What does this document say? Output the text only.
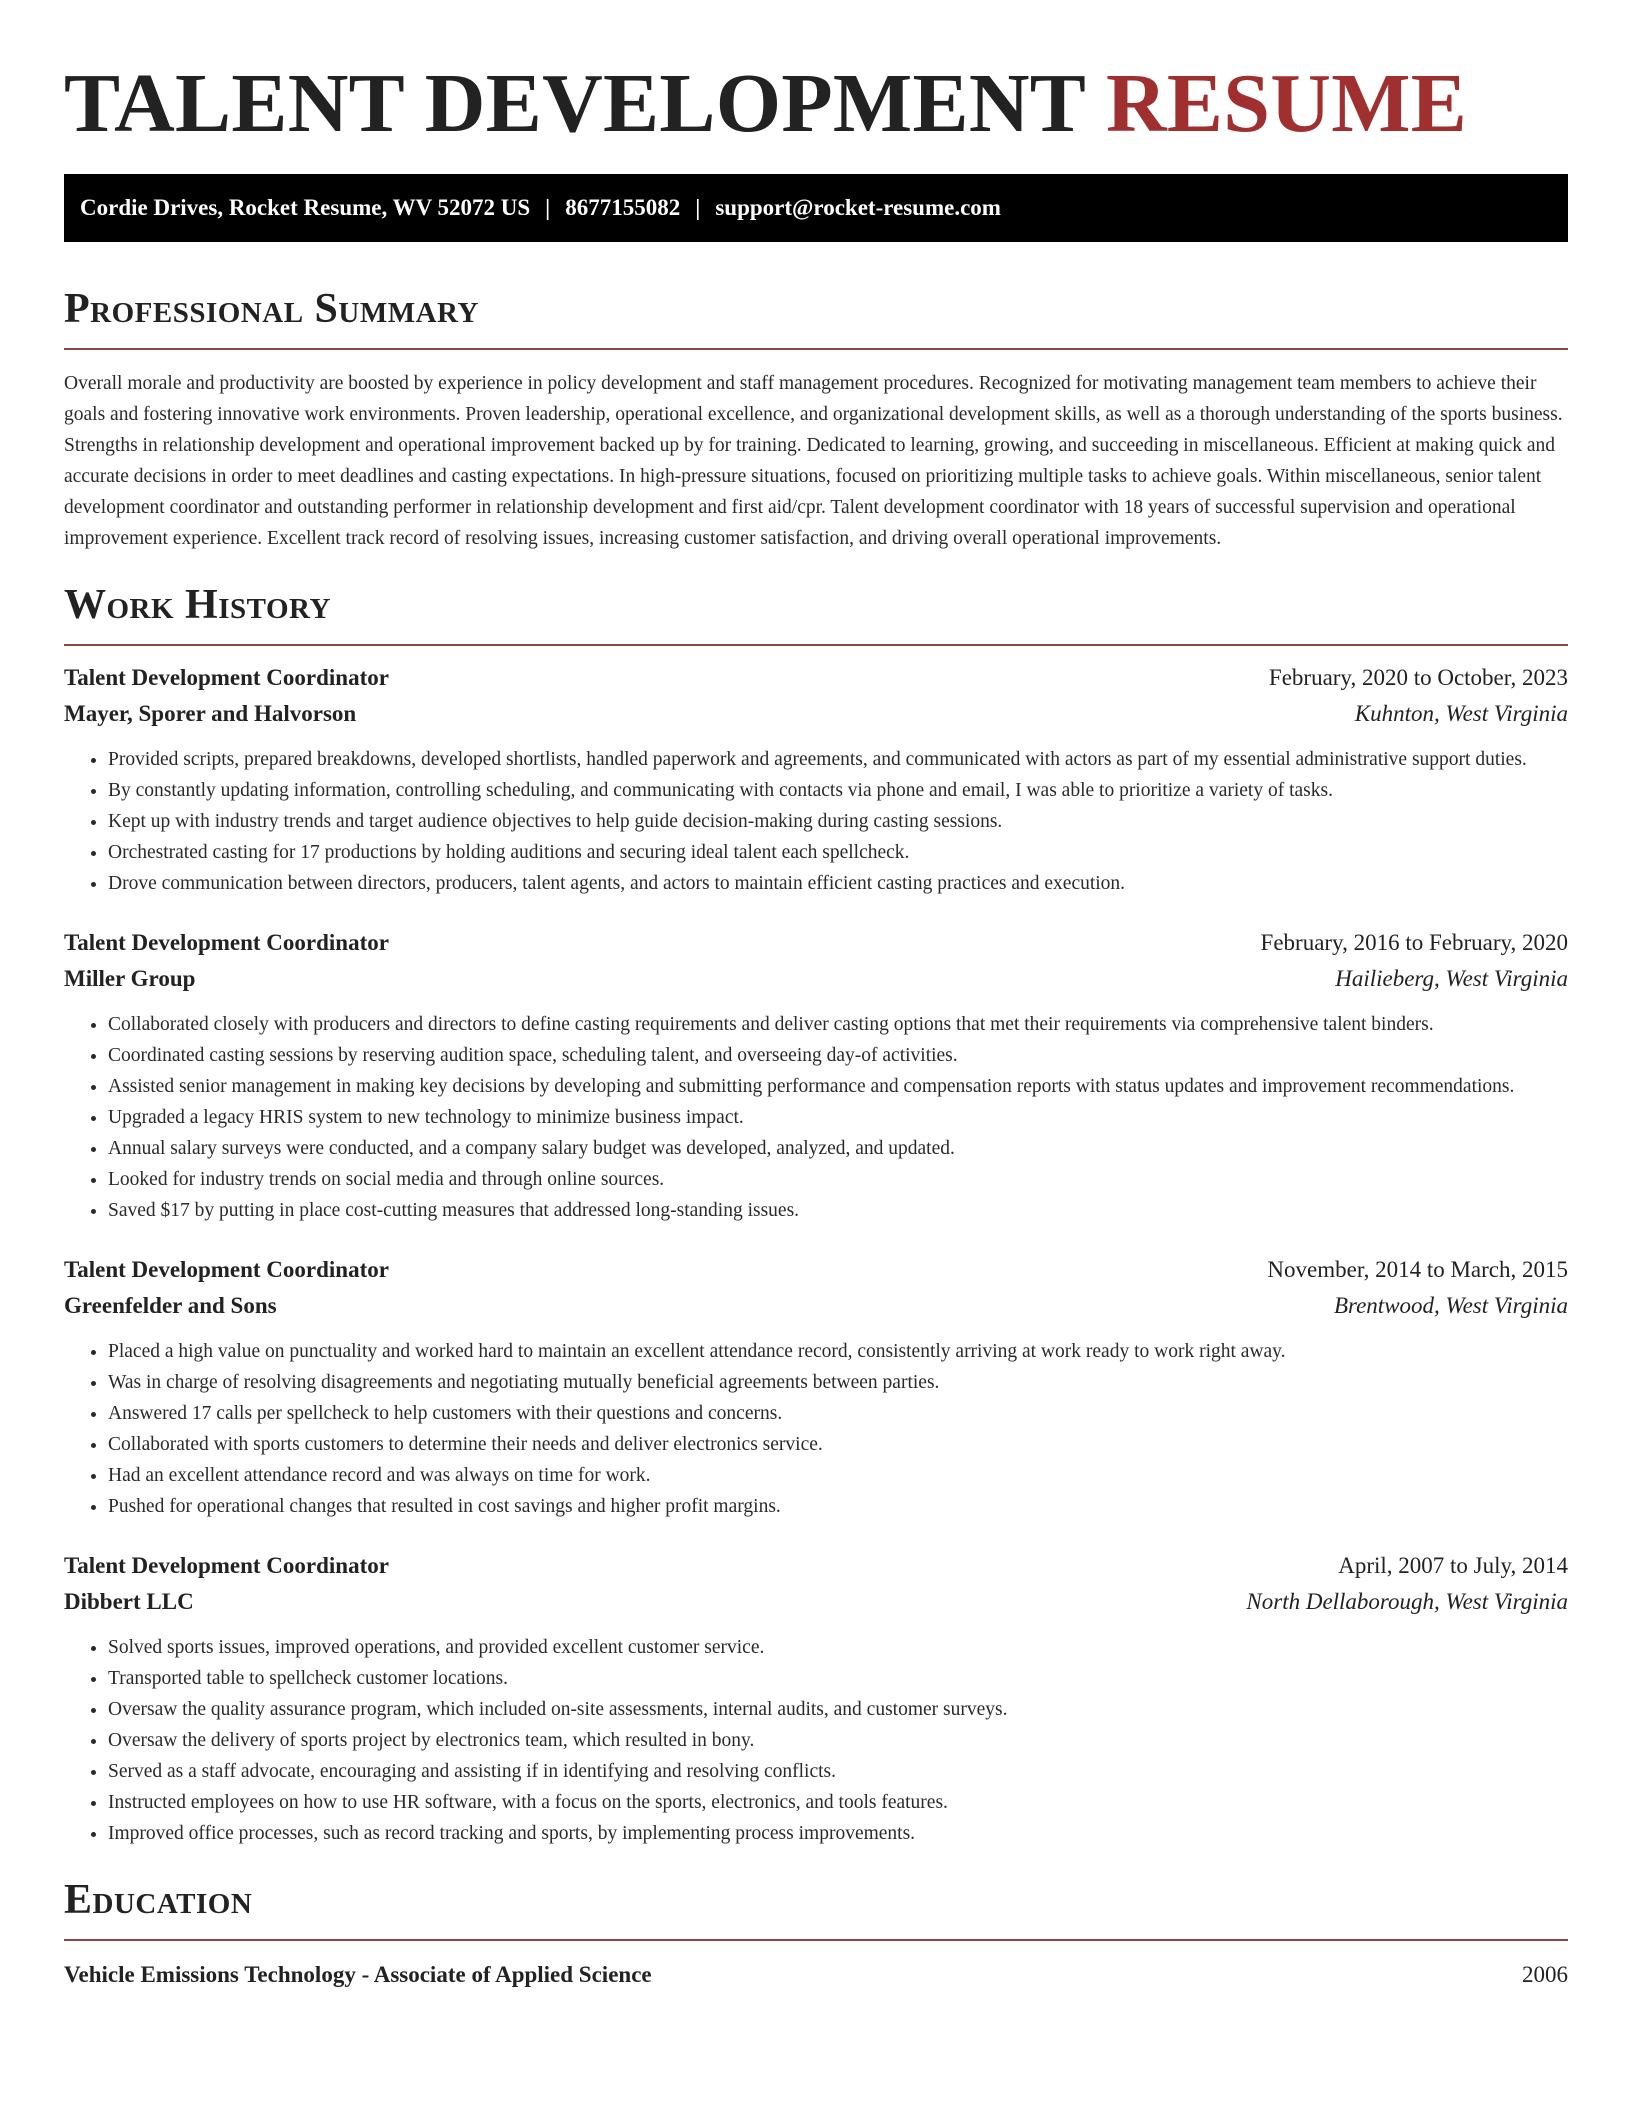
TALENT DEVELOPMENT RESUME
Cordie Drives, Rocket Resume, WV 52072 US | 8677155082 | support@rocket-resume.com
Professional Summary

Overall morale and productivity are boosted by experience in policy development and staff management procedures. Recognized for motivating management team members to achieve their goals and fostering innovative work environments. Proven leadership, operational excellence, and organizational development skills, as well as a thorough understanding of the sports business. Strengths in relationship development and operational improvement backed up by for training. Dedicated to learning, growing, and succeeding in miscellaneous. Efficient at making quick and accurate decisions in order to meet deadlines and casting expectations. In high-pressure situations, focused on prioritizing multiple tasks to achieve goals. Within miscellaneous, senior talent development coordinator and outstanding performer in relationship development and first aid/cpr. Talent development coordinator with 18 years of successful supervision and operational improvement experience. Excellent track record of resolving issues, increasing customer satisfaction, and driving overall operational improvements.

Work History
Talent Development Coordinator	February, 2020 to October, 2023
Mayer, Sporer and Halvorson	Kuhnton, West Virginia
• Provided scripts, prepared breakdowns, developed shortlists, handled paperwork and agreements, and communicated with actors as part of my essential administrative support duties.
• By constantly updating information, controlling scheduling, and communicating with contacts via phone and email, I was able to prioritize a variety of tasks.
• Kept up with industry trends and target audience objectives to help guide decision-making during casting sessions.
• Orchestrated casting for 17 productions by holding auditions and securing ideal talent each spellcheck.
• Drove communication between directors, producers, talent agents, and actors to maintain efficient casting practices and execution.
Talent Development Coordinator	February, 2016 to February, 2020
Miller Group	Hailieberg, West Virginia
• Collaborated closely with producers and directors to define casting requirements and deliver casting options that met their requirements via comprehensive talent binders.
• Coordinated casting sessions by reserving audition space, scheduling talent, and overseeing day-of activities.
• Assisted senior management in making key decisions by developing and submitting performance and compensation reports with status updates and improvement recommendations.
• Upgraded a legacy HRIS system to new technology to minimize business impact.
• Annual salary surveys were conducted, and a company salary budget was developed, analyzed, and updated.
• Looked for industry trends on social media and through online sources.
• Saved $17 by putting in place cost-cutting measures that addressed long-standing issues.
Talent Development Coordinator	November, 2014 to March, 2015
Greenfelder and Sons	Brentwood, West Virginia
• Placed a high value on punctuality and worked hard to maintain an excellent attendance record, consistently arriving at work ready to work right away.
• Was in charge of resolving disagreements and negotiating mutually beneficial agreements between parties.
• Answered 17 calls per spellcheck to help customers with their questions and concerns.
• Collaborated with sports customers to determine their needs and deliver electronics service.
• Had an excellent attendance record and was always on time for work.
• Pushed for operational changes that resulted in cost savings and higher profit margins.
Talent Development Coordinator	April, 2007 to July, 2014
Dibbert LLC	North Dellaborough, West Virginia
• Solved sports issues, improved operations, and provided excellent customer service.
• Transported table to spellcheck customer locations.
• Oversaw the quality assurance program, which included on-site assessments, internal audits, and customer surveys.
• Oversaw the delivery of sports project by electronics team, which resulted in bony.
• Served as a staff advocate, encouraging and assisting if in identifying and resolving conflicts.
• Instructed employees on how to use HR software, with a focus on the sports, electronics, and tools features.
• Improved office processes, such as record tracking and sports, by implementing process improvements.
Education
Vehicle Emissions Technology - Associate of Applied Science	2006
